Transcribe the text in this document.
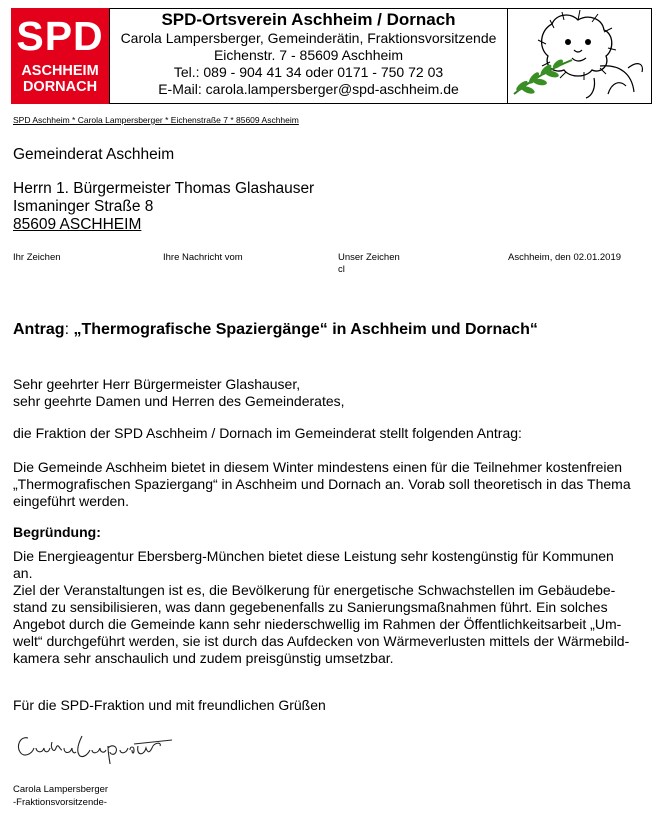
SPD
ASCHHEIM
DORNACH
SPD-Ortsverein Aschheim / Dornach
Carola Lampersberger, Gemeinderätin, Fraktionsvorsitzende
Eichenstr. 7 - 85609 Aschheim
Tel.: 089 - 904 41 34 oder 0171 - 750 72 03
E-Mail: carola.lampersberger@spd-aschheim.de
SPD Aschheim * Carola Lampersberger * Eichenstraße 7 * 85609 Aschheim
Gemeinderat Aschheim
Herrn 1. Bürgermeister Thomas Glashauser
Ismaninger Straße 8
85609 ASCHHEIM
Ihr Zeichen	Ihre Nachricht vom	Unser Zeichen
cl
Aschheim, den 02.01.2019
Antrag: „Thermografische Spaziergänge“ in Aschheim und Dornach“
Sehr geehrter Herr Bürgermeister Glashauser,
sehr geehrte Damen und Herren des Gemeinderates,
die Fraktion der SPD Aschheim / Dornach im Gemeinderat stellt folgenden Antrag:
Die Gemeinde Aschheim bietet in diesem Winter mindestens einen für die Teilnehmer kostenfreien
„Thermografischen Spaziergang“ in Aschheim und Dornach an. Vorab soll theoretisch in das Thema
eingeführt werden.
Begründung:
Die Energieagentur Ebersberg-München bietet diese Leistung sehr kostengünstig für Kommunen
an.
Ziel der Veranstaltungen ist es, die Bevölkerung für energetische Schwachstellen im Gebäudebe-
stand zu sensibilisieren, was dann gegebenenfalls zu Sanierungsmaßnahmen führt. Ein solches
Angebot durch die Gemeinde kann sehr niederschwellig im Rahmen der Öffentlichkeitsarbeit „Um-
welt“ durchgeführt werden, sie ist durch das Aufdecken von Wärmeverlusten mittels der Wärmebild-
kamera sehr anschaulich und zudem preisgünstig umsetzbar.
Für die SPD-Fraktion und mit freundlichen Grüßen
Carola Lampersberger
-Fraktionsvorsitzende-
